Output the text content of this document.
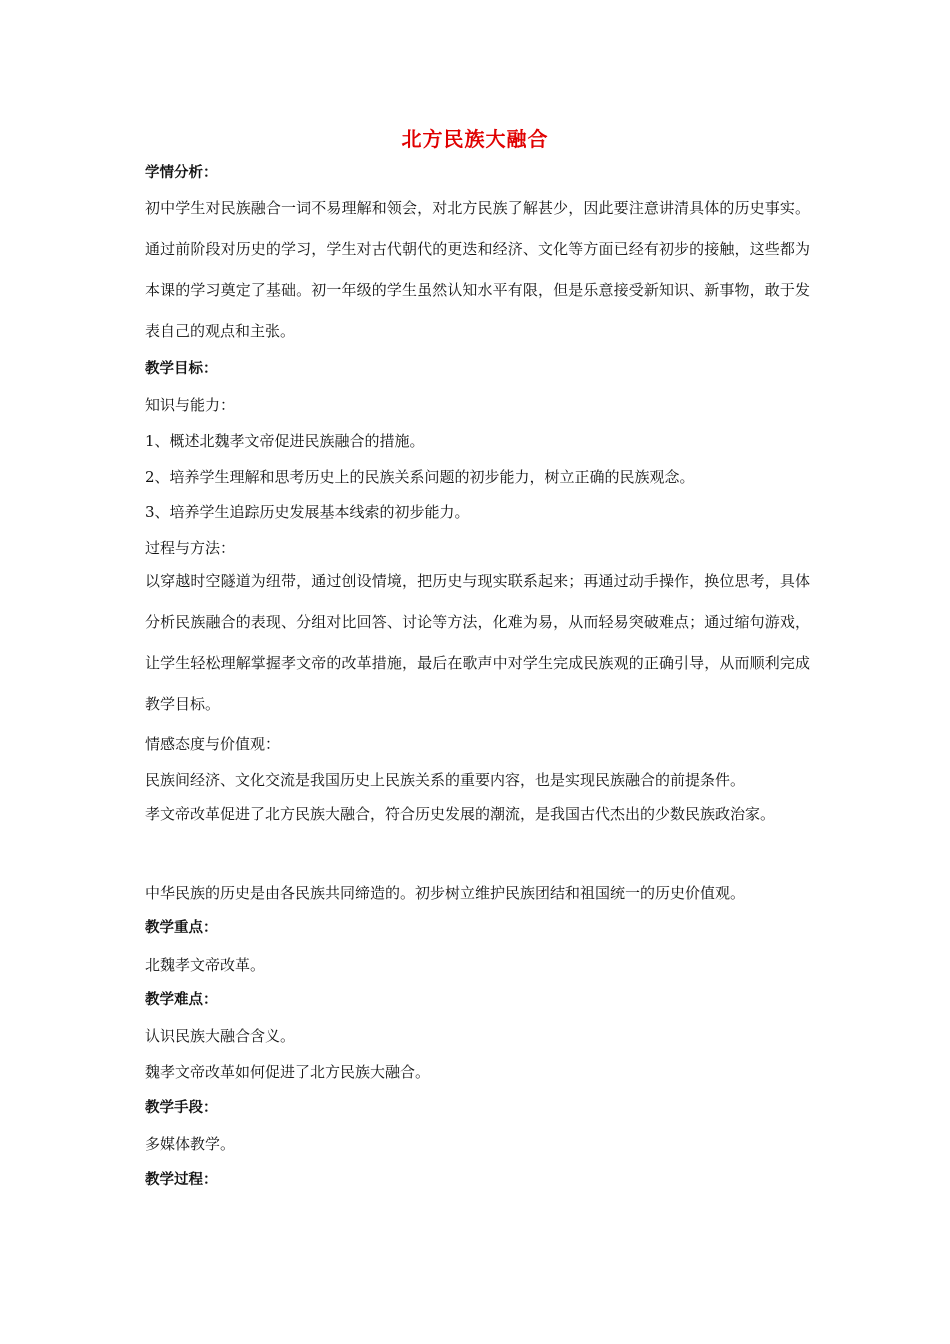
北方民族大融合
学情分析：
初中学生对民族融合一词不易理解和领会，对北方民族了解甚少，因此要注意讲清具体的历史事实。通过前阶段对历史的学习，学生对古代朝代的更迭和经济、文化等方面已经有初步的接触，这些都为本课的学习奠定了基础。初一年级的学生虽然认知水平有限，但是乐意接受新知识、新事物，敢于发表自己的观点和主张。
教学目标：
知识与能力：
1、概述北魏孝文帝促进民族融合的措施。
2、培养学生理解和思考历史上的民族关系问题的初步能力，树立正确的民族观念。
3、培养学生追踪历史发展基本线索的初步能力。
过程与方法：
以穿越时空隧道为纽带，通过创设情境，把历史与现实联系起来；再通过动手操作，换位思考，具体分析民族融合的表现、分组对比回答、讨论等方法，化难为易，从而轻易突破难点；通过缩句游戏，让学生轻松理解掌握孝文帝的改革措施，最后在歌声中对学生完成民族观的正确引导，从而顺利完成教学目标。
情感态度与价值观：
民族间经济、文化交流是我国历史上民族关系的重要内容，也是实现民族融合的前提条件。
孝文帝改革促进了北方民族大融合，符合历史发展的潮流，是我国古代杰出的少数民族政治家。
中华民族的历史是由各民族共同缔造的。初步树立维护民族团结和祖国统一的历史价值观。
教学重点：
北魏孝文帝改革。
教学难点：
认识民族大融合含义。
魏孝文帝改革如何促进了北方民族大融合。
教学手段：
多媒体教学。
教学过程：
